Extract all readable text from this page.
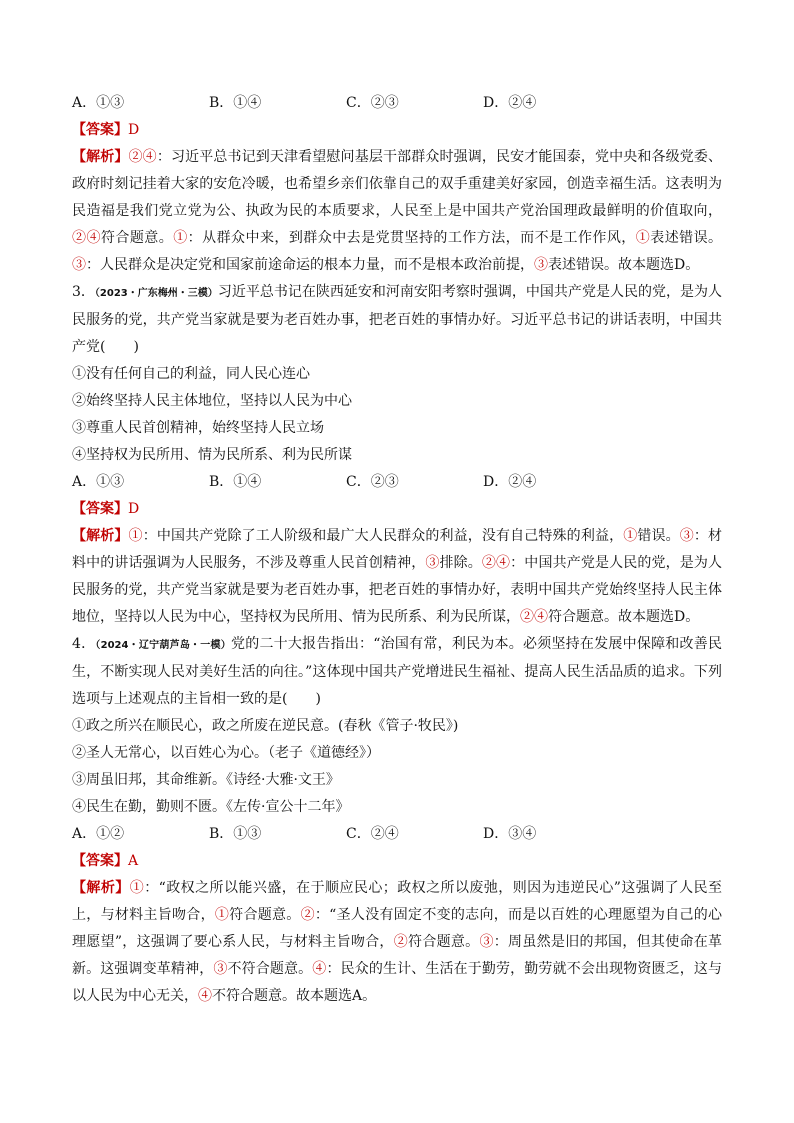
A．①③	B．①④	C．②③	D．②④
【答案】D

【解析】②④：习近平总书记到天津看望慰问基层干部群众时强调，民安才能国泰，党中央和各级党委、政府时刻记挂着大家的安危冷暖，也希望乡亲们依靠自己的双手重建美好家园，创造幸福生活。这表明为民造福是我们党立党为公、执政为民的本质要求，人民至上是中国共产党治国理政最鲜明的价值取向，②④符合题意。①：从群众中来，到群众中去是党贯坚持的工作方法，而不是工作作风，①表述错误。③：人民群众是决定党和国家前途命运的根本力量，而不是根本政治前提，③表述错误。故本题选D。

3．（2023・广东梅州・三模）习近平总书记在陕西延安和河南安阳考察时强调，中国共产党是人民的党，是为人民服务的党，共产党当家就是要为老百姓办事，把老百姓的事情办好。习近平总书记的讲话表明，中国共产党(　　)

①没有任何自己的利益，同人民心连心
②始终坚持人民主体地位，坚持以人民为中心
③尊重人民首创精神，始终坚持人民立场
④坚持权为民所用、情为民所系、利为民所谋
A．①③	B．①④	C．②③	D．②④
【答案】D

【解析】①：中国共产党除了工人阶级和最广大人民群众的利益，没有自己特殊的利益，①错误。③：材料中的讲话强调为人民服务，不涉及尊重人民首创精神，③排除。②④：中国共产党是人民的党，是为人民服务的党，共产党当家就是要为老百姓办事，把老百姓的事情办好，表明中国共产党始终坚持人民主体地位，坚持以人民为中心，坚持权为民所用、情为民所系、利为民所谋，②④符合题意。故本题选D。

4．（2024・辽宁葫芦岛・一模）党的二十大报告指出：“治国有常，利民为本。必须坚持在发展中保障和改善民生，不断实现人民对美好生活的向往。”这体现中国共产党增进民生福祉、提高人民生活品质的追求。下列选项与上述观点的主旨相一致的是(　　)

①政之所兴在顺民心，政之所废在逆民意。(春秋《管子·牧民》)
②圣人无常心，以百姓心为心。（老子《道德经》）
③周虽旧邦，其命维新。《诗经·大雅·文王》
④民生在勤，勤则不匮。《左传·宣公十二年》
A．①②	B．①③	C．②④	D．③④
【答案】A

【解析】①：“政权之所以能兴盛，在于顺应民心；政权之所以废弛，则因为违逆民心”这强调了人民至上，与材料主旨吻合，①符合题意。②：“圣人没有固定不变的志向，而是以百姓的心理愿望为自己的心理愿望”，这强调了要心系人民，与材料主旨吻合，②符合题意。③：周虽然是旧的邦国，但其使命在革新。这强调变革精神，③不符合题意。④：民众的生计、生活在于勤劳，勤劳就不会出现物资匮乏，这与以人民为中心无关，④不符合题意。故本题选A。
